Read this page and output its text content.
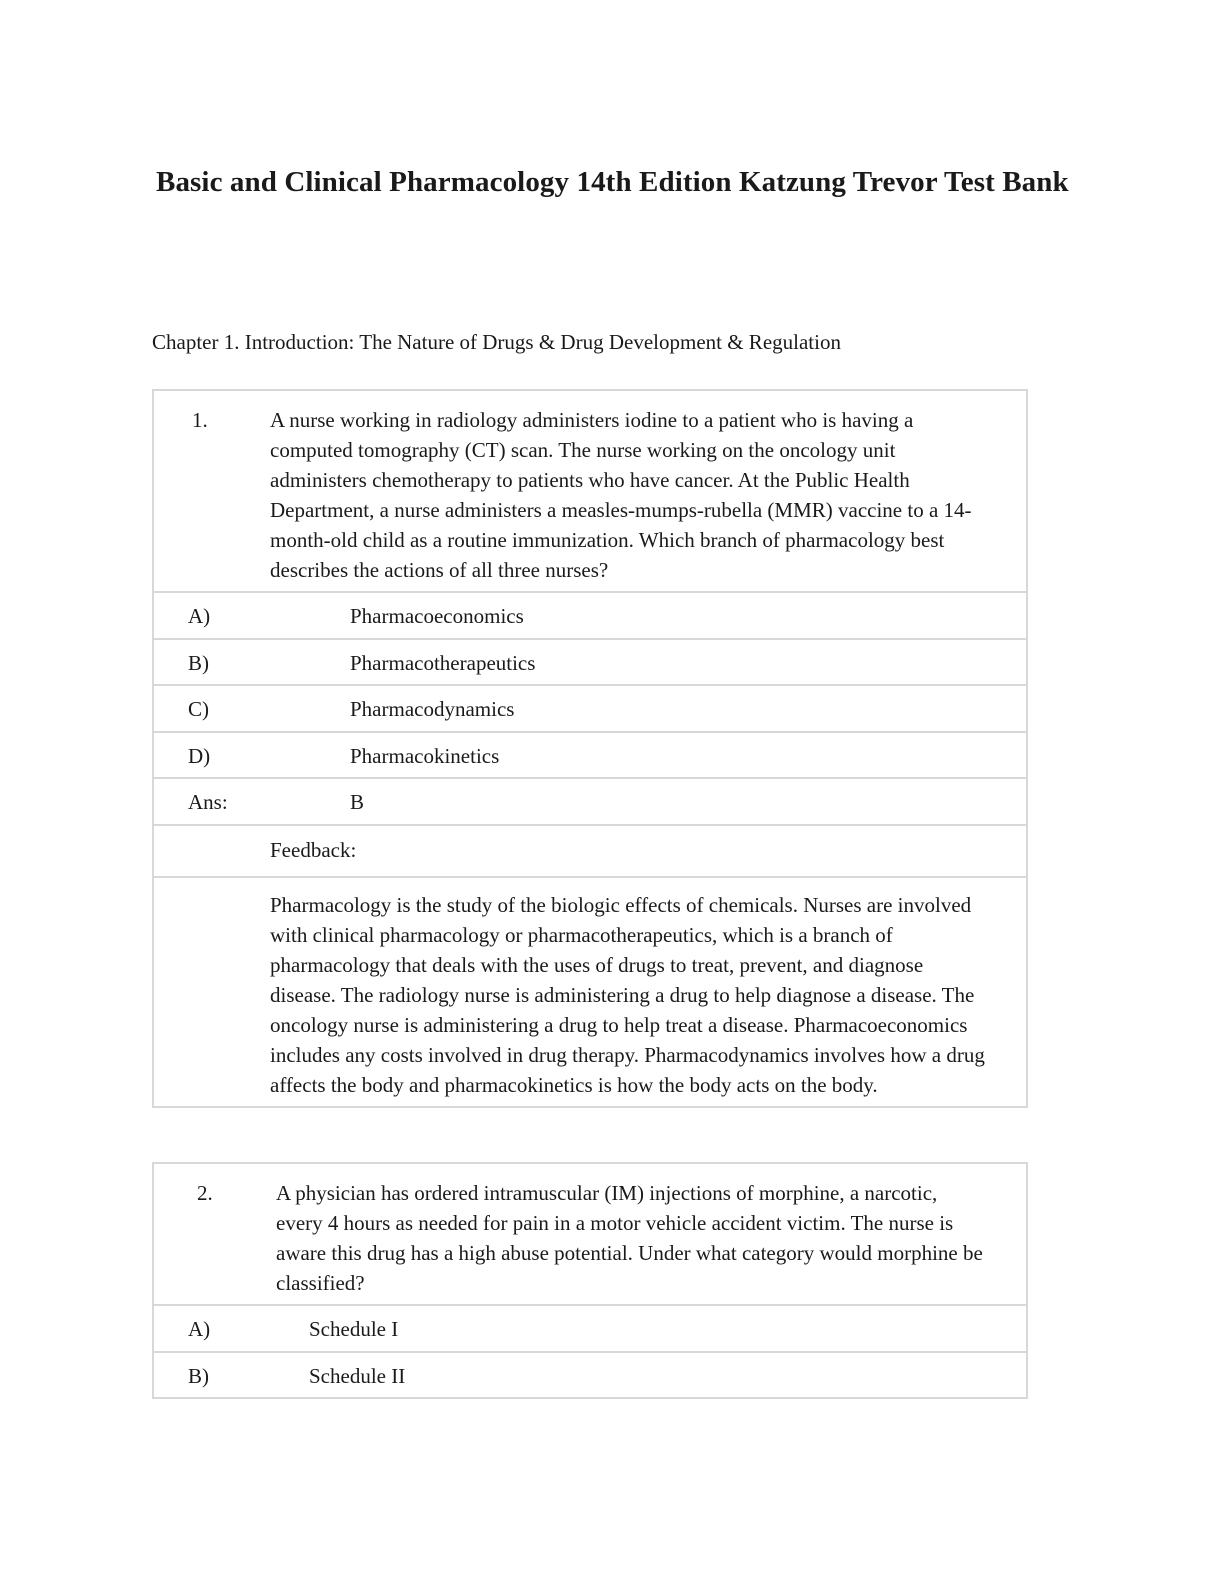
Basic and Clinical Pharmacology 14th Edition Katzung Trevor Test Bank
Chapter 1. Introduction: The Nature of Drugs & Drug Development & Regulation
1.	A nurse working in radiology administers iodine to a patient who is having a computed tomography (CT) scan. The nurse working on the oncology unit administers chemotherapy to patients who have cancer. At the Public Health Department, a nurse administers a measles-mumps-rubella (MMR) vaccine to a 14-month-old child as a routine immunization. Which branch of pharmacology best describes the actions of all three nurses?
A)	Pharmacoeconomics
B)	Pharmacotherapeutics
C)	Pharmacodynamics
D)	Pharmacokinetics
Ans:	B
Feedback:
Pharmacology is the study of the biologic effects of chemicals. Nurses are involved with clinical pharmacology or pharmacotherapeutics, which is a branch of pharmacology that deals with the uses of drugs to treat, prevent, and diagnose disease. The radiology nurse is administering a drug to help diagnose a disease. The oncology nurse is administering a drug to help treat a disease. Pharmacoeconomics includes any costs involved in drug therapy. Pharmacodynamics involves how a drug affects the body and pharmacokinetics is how the body acts on the body.
2.	A physician has ordered intramuscular (IM) injections of morphine, a narcotic, every 4 hours as needed for pain in a motor vehicle accident victim. The nurse is aware this drug has a high abuse potential. Under what category would morphine be classified?
A)	Schedule I
B)	Schedule II
